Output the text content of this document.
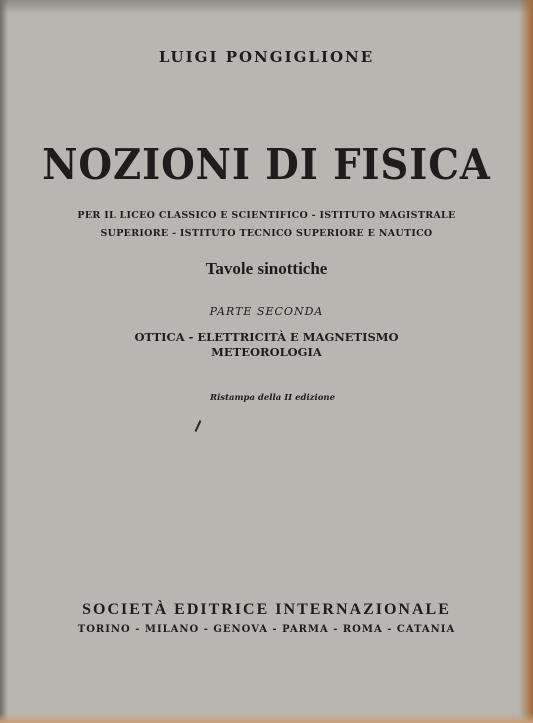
LUIGI PONGIGLIONE
NOZIONI DI FISICA
PER IL LICEO CLASSICO E SCIENTIFICO - ISTITUTO MAGISTRALE
SUPERIORE - ISTITUTO TECNICO SUPERIORE E NAUTICO
Tavole sinottiche
PARTE SECONDA
OTTICA - ELETTRICITÀ E MAGNETISMO
METEOROLOGIA
Ristampa della II edizione
SOCIETÀ EDITRICE INTERNAZIONALE
TORINO - MILANO - GENOVA - PARMA - ROMA - CATANIA
